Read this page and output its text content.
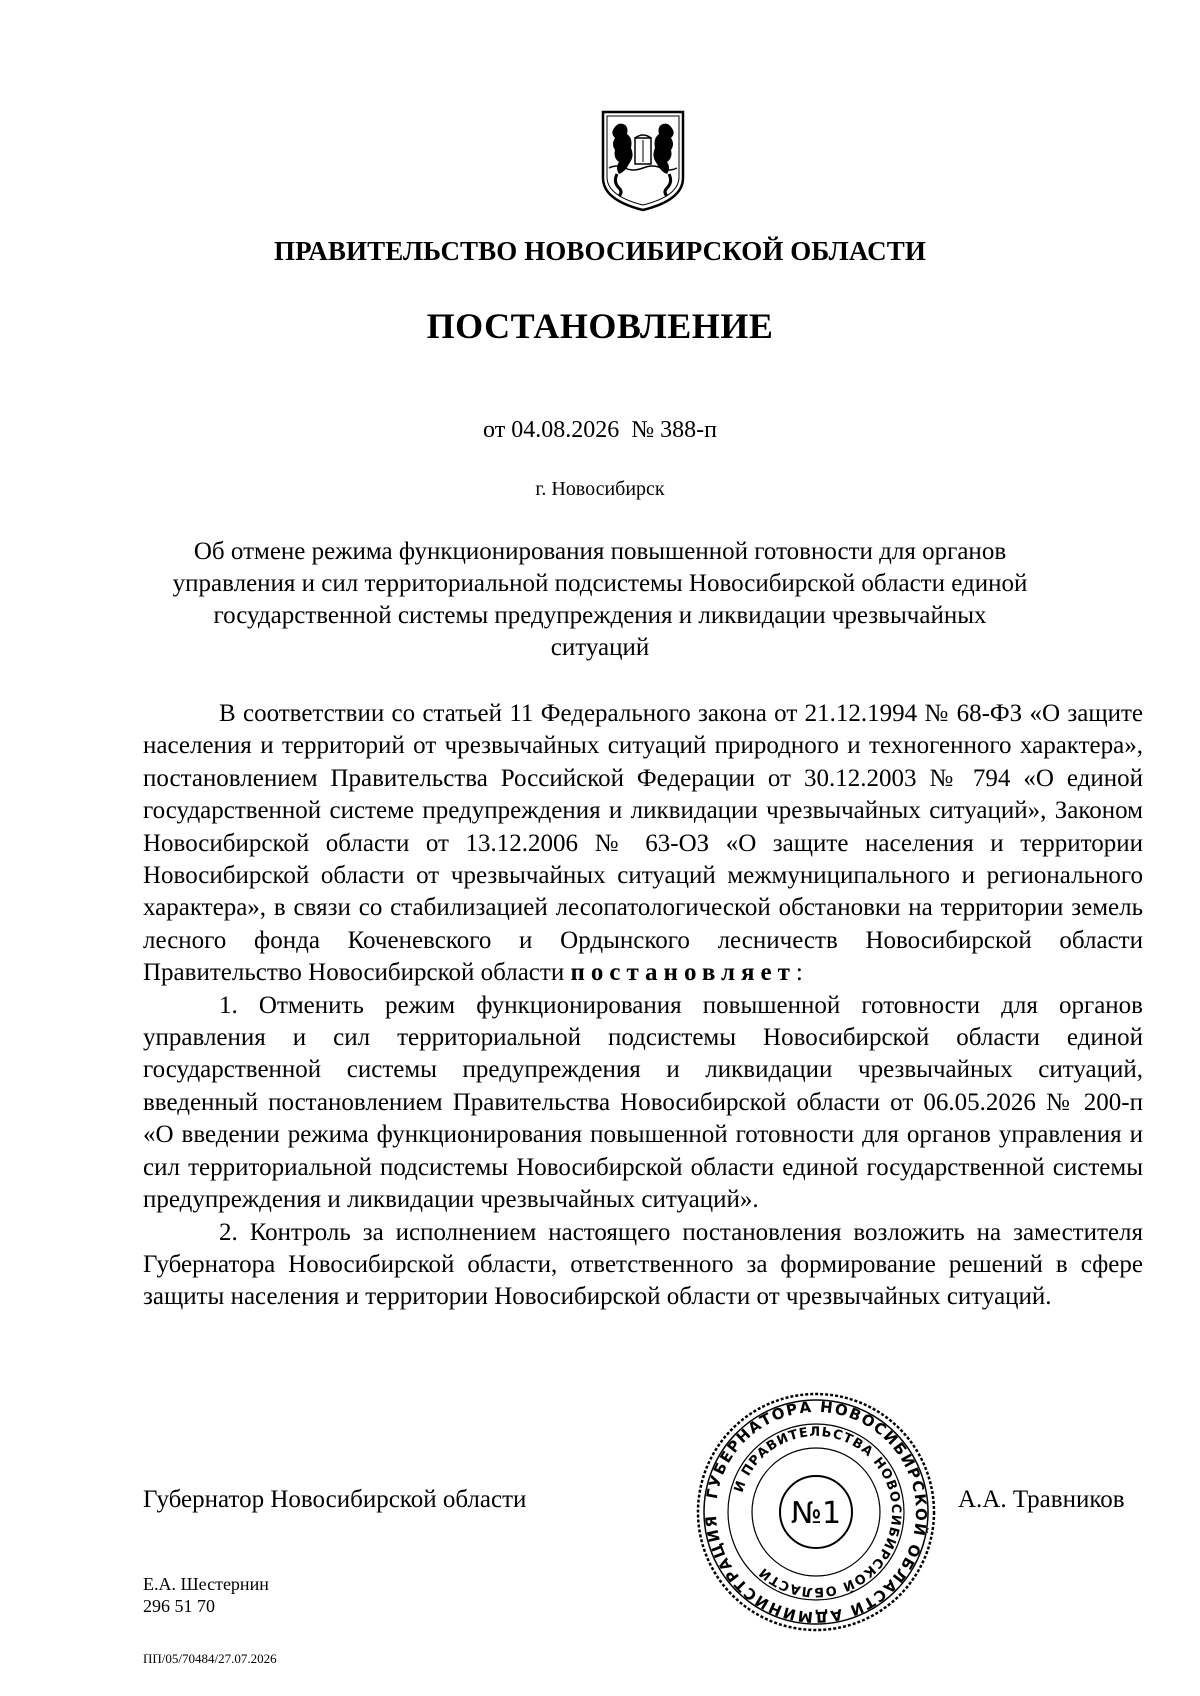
ПРАВИТЕЛЬСТВО НОВОСИБИРСКОЙ ОБЛАСТИ
ПОСТАНОВЛЕНИЕ
от 04.08.2026  № 388-п
г. Новосибирск
Об отмене режима функционирования повышенной готовности для органов управления и сил территориальной подсистемы Новосибирской области единой государственной системы предупреждения и ликвидации чрезвычайных ситуаций

В соответствии со статьей 11 Федерального закона от 21.12.1994 № 68-ФЗ «О защите населения и территорий от чрезвычайных ситуаций природного и техногенного характера», постановлением Правительства Российской Федерации от 30.12.2003 № 794 «О единой государственной системе предупреждения и ликвидации чрезвычайных ситуаций», Законом Новосибирской области от 13.12.2006 № 63-ОЗ «О защите населения и территории Новосибирской области от чрезвычайных ситуаций межмуниципального и регионального характера», в связи со стабилизацией лесопатологической обстановки на территории земель лесного фонда Коченевского и Ордынского лесничеств Новосибирской области Правительство Новосибирской области постановляет:

1. Отменить режим функционирования повышенной готовности для органов управления и сил территориальной подсистемы Новосибирской области единой государственной системы предупреждения и ликвидации чрезвычайных ситуаций, введенный постановлением Правительства Новосибирской области от 06.05.2026 № 200-п «О введении режима функционирования повышенной готовности для органов управления и сил территориальной подсистемы Новосибирской области единой государственной системы предупреждения и ликвидации чрезвычайных ситуаций».

2. Контроль за исполнением настоящего постановления возложить на заместителя Губернатора Новосибирской области, ответственного за формирование решений в сфере защиты населения и территории Новосибирской области от чрезвычайных ситуаций.

Губернатор Новосибирской области	А.А. Травников
ГУБЕРНАТОРА НОВОСИБИРСКОЙ ОБЛАСТИ АДМИНИСТРАЦИЯ
И ПРАВИТЕЛЬСТВА НОВОСИБИРСКОЙ ОБЛАСТИ
№1
Е.А. Шестернин
296 51 70
ПП/05/70484/27.07.2026
